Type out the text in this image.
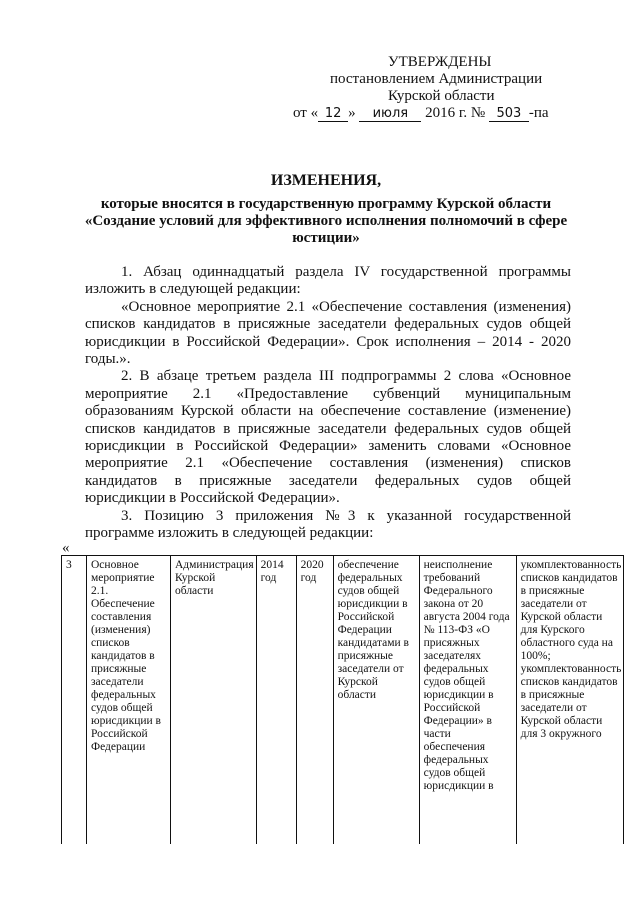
УТВЕРЖДЕНЫ
постановлением Администрации
Курской области
от « 12 » июля 2016 г. № 503 -па
ИЗМЕНЕНИЯ,
которые вносятся в государственную программу Курской области
«Создание условий для эффективного исполнения полномочий в сфере
юстиции»

1. Абзац одиннадцатый раздела IV государственной программы изложить в следующей редакции:

«Основное мероприятие 2.1 «Обеспечение составления (изменения) списков кандидатов в присяжные заседатели федеральных судов общей юрисдикции в Российской Федерации». Срок исполнения – 2014 - 2020 годы.».

2. В абзаце третьем раздела III подпрограммы 2 слова «Основное мероприятие 2.1 «Предоставление субвенций муниципальным образованиям Курской области на обеспечение составление (изменение) списков кандидатов в присяжные заседатели федеральных судов общей юрисдикции в Российской Федерации» заменить словами «Основное мероприятие 2.1 «Обеспечение составления (изменения) списков кандидатов в присяжные заседатели федеральных судов общей юрисдикции в Российской Федерации».

3. Позицию 3 приложения №3 к указанной государственной программе изложить в следующей редакции:

«
3	Основное мероприятие 2.1. Обеспечение составления (изменения) списков кандидатов в присяжные заседатели федеральных судов общей юрисдикции в Российской Федерации	Администрация Курской области	2014 год	2020 год	обеспечение федеральных судов общей юрисдикции в Российской Федерации кандидатами в присяжные заседатели от Курской области	неисполнение требований Федерального закона от 20 августа 2004 года № 113-ФЗ «О присяжных заседателях федеральных судов общей юрисдикции в Российской Федерации» в части обеспечения федеральных судов общей юрисдикции в	укомплектованность списков кандидатов в присяжные заседатели от Курской области для Курского областного суда на 100%; укомплектованность списков кандидатов в присяжные заседатели от Курской области для 3 окружного
